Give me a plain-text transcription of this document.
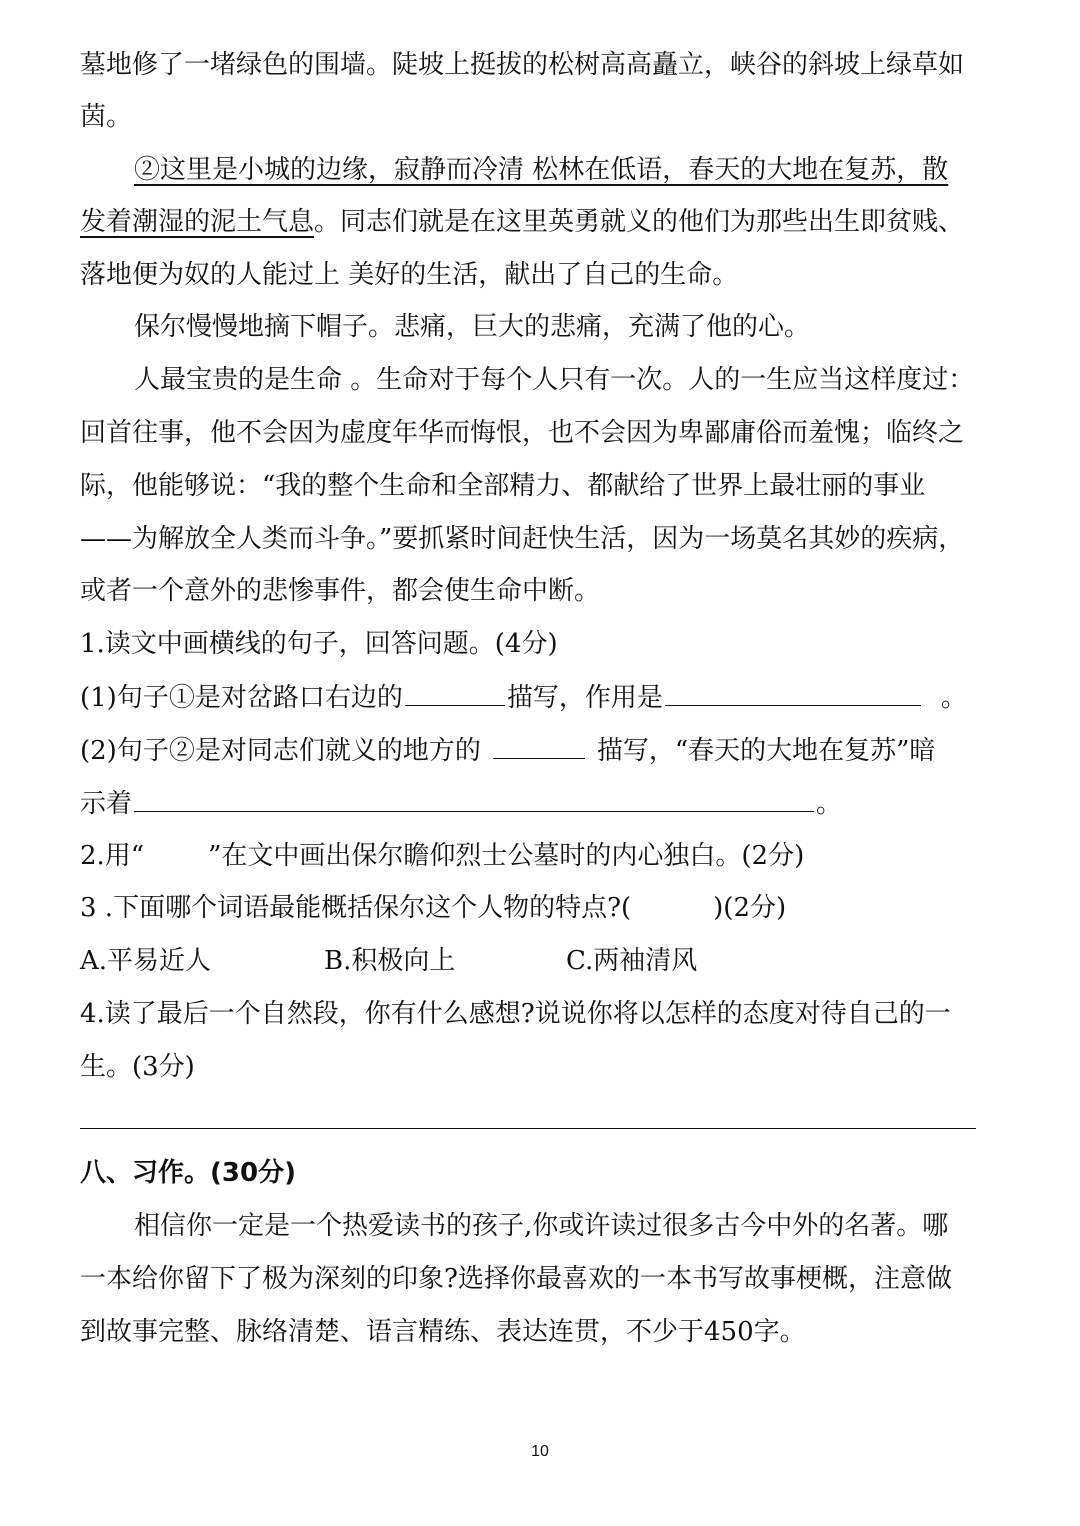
墓地修了一堵绿色的围墙。陡坡上挺拔的松树高高矗立，峡谷的斜坡上绿草如
茵。
②这里是小城的边缘，寂静而冷清 松林在低语，春天的大地在复苏，散
发着潮湿的泥土气息。同志们就是在这里英勇就义的他们为那些出生即贫贱、
落地便为奴的人能过上 美好的生活，献出了自己的生命。
保尔慢慢地摘下帽子。悲痛，巨大的悲痛，充满了他的心。
人最宝贵的是生命 。生命对于每个人只有一次。人的一生应当这样度过：
回首往事，他不会因为虚度年华而悔恨，也不会因为卑鄙庸俗而羞愧；临终之
际，他能够说：“我的整个生命和全部精力、都献给了世界上最壮丽的事业
——为解放全人类而斗争。”要抓紧时间赶快生活，因为一场莫名其妙的疾病，
或者一个意外的悲惨事件，都会使生命中断。
1.读文中画横线的句子，回答问题。(4分)
(1)句子①是对岔路口右边的	描写，作用是	。
(2)句子②是对同志们就义的地方的	描写，“春天的大地在复苏”暗
示着	。
2.用“ ”在文中画出保尔瞻仰烈士公墓时的内心独白。(2分)
3 .下面哪个词语最能概括保尔这个人物的特点?(	)(2分)
A.平易近人	B.积极向上	C.两袖清风
4.读了最后一个自然段，你有什么感想?说说你将以怎样的态度对待自己的一
生。(3分)
八、习作。(30分)
相信你一定是一个热爱读书的孩子,你或许读过很多古今中外的名著。哪
一本给你留下了极为深刻的印象?选择你最喜欢的一本书写故事梗概，注意做
到故事完整、脉络清楚、语言精练、表达连贯，不少于450字。
10
